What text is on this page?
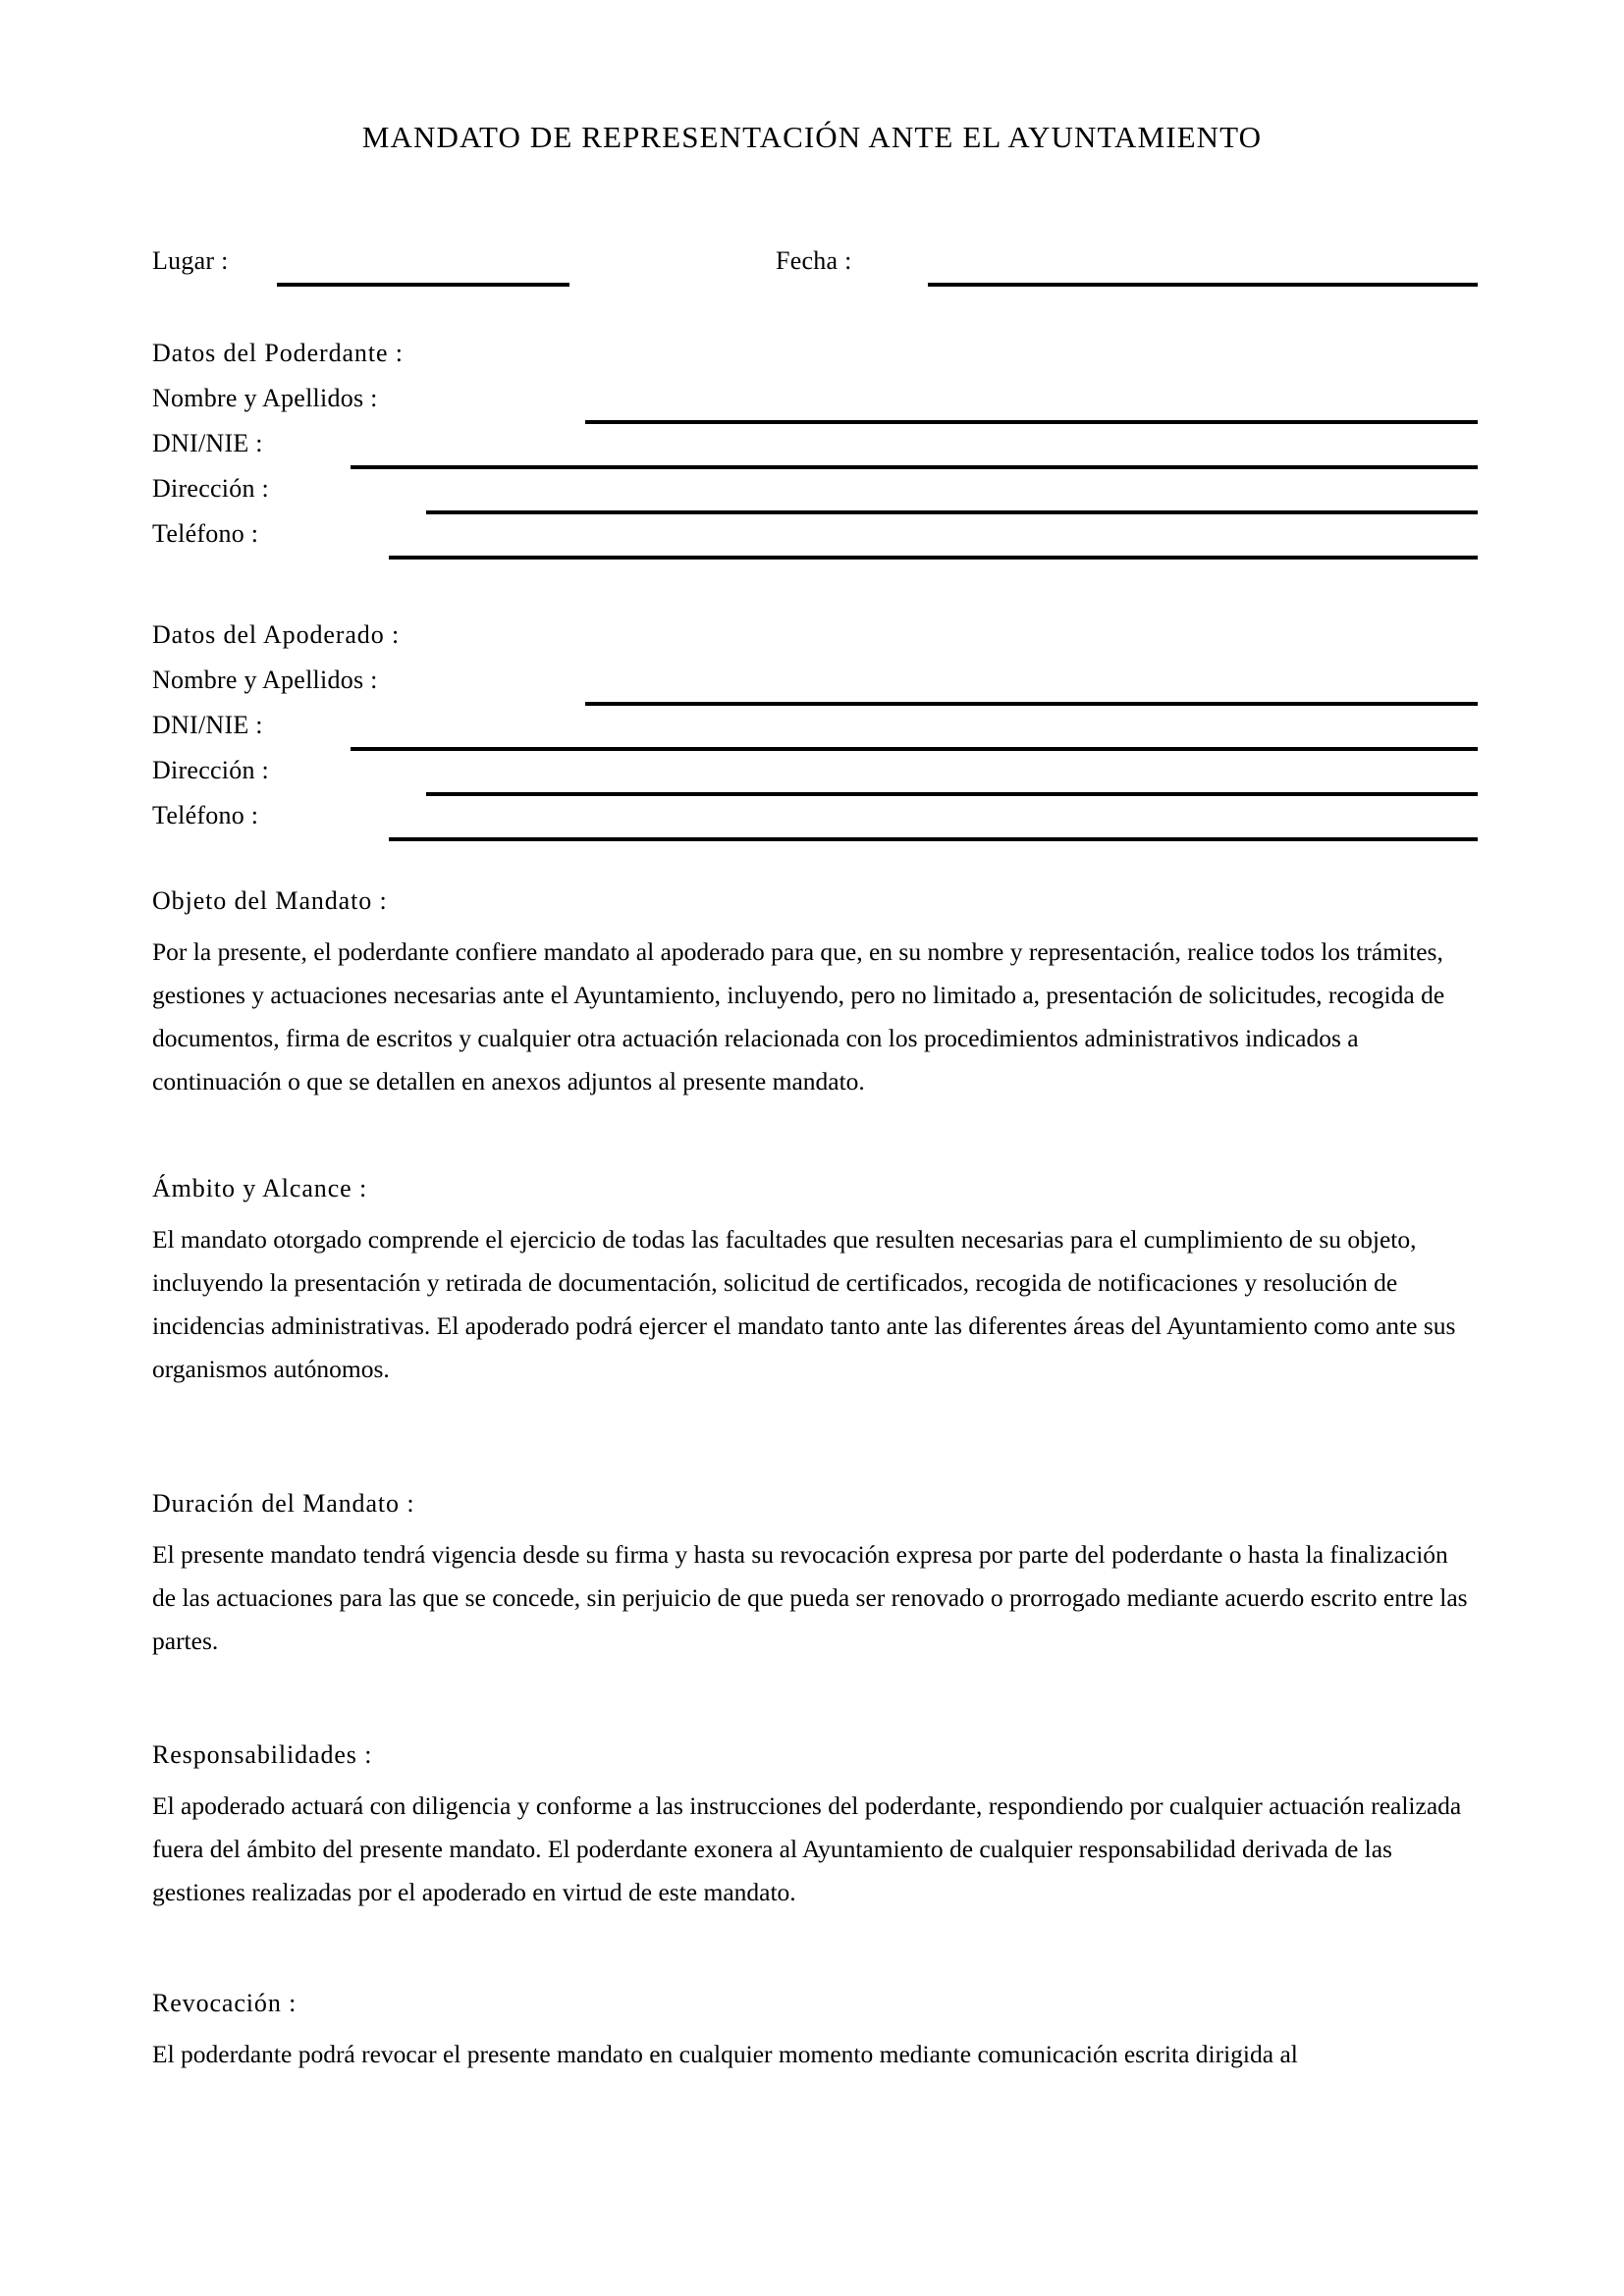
MANDATO DE REPRESENTACIÓN ANTE EL AYUNTAMIENTO
Lugar :	Fecha :
Datos del Poderdante :
Nombre y Apellidos :
DNI/NIE :
Dirección :
Teléfono :
Datos del Apoderado :
Nombre y Apellidos :
DNI/NIE :
Dirección :
Teléfono :
Objeto del Mandato :

Por la presente, el poderdante confiere mandato al apoderado para que, en su nombre y representación, realice todos los trámites, gestiones y actuaciones necesarias ante el Ayuntamiento, incluyendo, pero no limitado a, presentación de solicitudes, recogida de documentos, firma de escritos y cualquier otra actuación relacionada con los procedimientos administrativos indicados a continuación o que se detallen en anexos adjuntos al presente mandato.

Ámbito y Alcance :

El mandato otorgado comprende el ejercicio de todas las facultades que resulten necesarias para el cumplimiento de su objeto, incluyendo la presentación y retirada de documentación, solicitud de certificados, recogida de notificaciones y resolución de incidencias administrativas. El apoderado podrá ejercer el mandato tanto ante las diferentes áreas del Ayuntamiento como ante sus organismos autónomos.

Duración del Mandato :

El presente mandato tendrá vigencia desde su firma y hasta su revocación expresa por parte del poderdante o hasta la finalización de las actuaciones para las que se concede, sin perjuicio de que pueda ser renovado o prorrogado mediante acuerdo escrito entre las partes.

Responsabilidades :

El apoderado actuará con diligencia y conforme a las instrucciones del poderdante, respondiendo por cualquier actuación realizada fuera del ámbito del presente mandato. El poderdante exonera al Ayuntamiento de cualquier responsabilidad derivada de las gestiones realizadas por el apoderado en virtud de este mandato.

Revocación :

El poderdante podrá revocar el presente mandato en cualquier momento mediante comunicación escrita dirigida al
